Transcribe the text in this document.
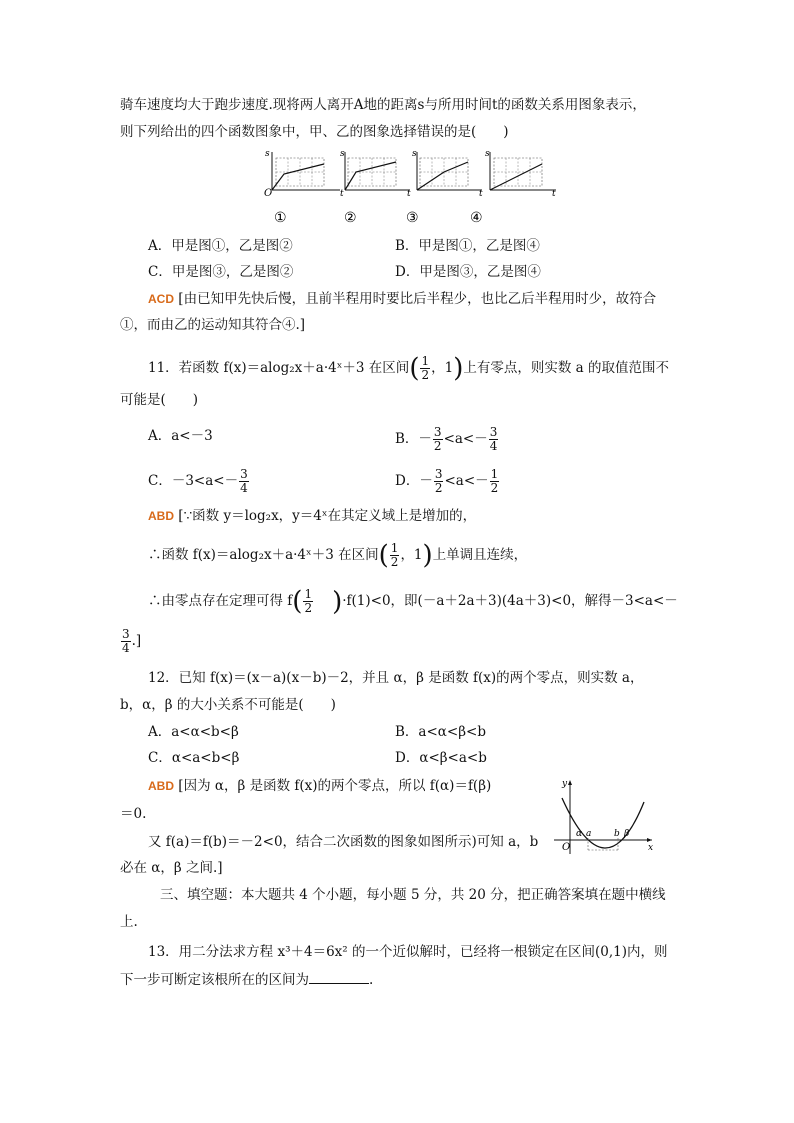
骑车速度均大于跑步速度.现将两人离开A地的距离s与所用时间t的函数关系用图象表示，
则下列给出的四个函数图象中，甲、乙的图象选择错误的是(　　)
O
s
t
s
t
s
t
s
t
①	②	③	④
A．甲是图①，乙是图②	B．甲是图①，乙是图④
C．甲是图③，乙是图②	D．甲是图③，乙是图④
ACD [由已知甲先快后慢，且前半程用时要比后半程少，也比乙后半程用时少，故符合
①，而由乙的运动知其符合④.]
11．若函数 f(x)＝alog₂x＋a·4ˣ＋3 在区间( $\frac{1}{2}$ ，1)上有零点，则实数 a 的取值范围不
可能是(　　)
A．a<－3	B．－ $\frac{3}{2} <a<- \frac{3}{4}$
C．$-3<a<- \frac{3}{4}$	D．－ $\frac{3}{2} <a<- \frac{1}{2}$
ABD [∵函数 y＝log₂x，y＝4ˣ在其定义域上是增加的，
∴函数 f(x)＝alog₂x＋a·4ˣ＋3 在区间( $\frac{1}{2}$ ，1)上单调且连续，
∴由零点存在定理可得 $f( \frac{1}{2} )\cdot f(1)<0$，即(－a＋2a＋3)(4a＋3)<0，解得－3<a<－
$\frac{3}{4}$ .]
12．已知 f(x)＝(x－a)(x－b)－2，并且 α，β 是函数 f(x)的两个零点，则实数 a，
b，α，β 的大小关系不可能是(　　)
A．a<α<b<β	B．a<α<β<b
C．α<a<b<β	D．α<β<a<b
ABD [因为 α，β 是函数 f(x)的两个零点，所以 f(α)＝f(β)
＝0.
又 f(a)＝f(b)＝－2<0，结合二次函数的图象如图所示)可知 a，b
必在 α，β 之间.]
y
x
O
α a	b β
三、填空题：本大题共 4 个小题，每小题 5 分，共 20 分，把正确答案填在题中横线
上.
13．用二分法求方程 x³＋4＝6x² 的一个近似解时，已经将一根锁定在区间(0,1)内，则
下一步可断定该根所在的区间为	.
